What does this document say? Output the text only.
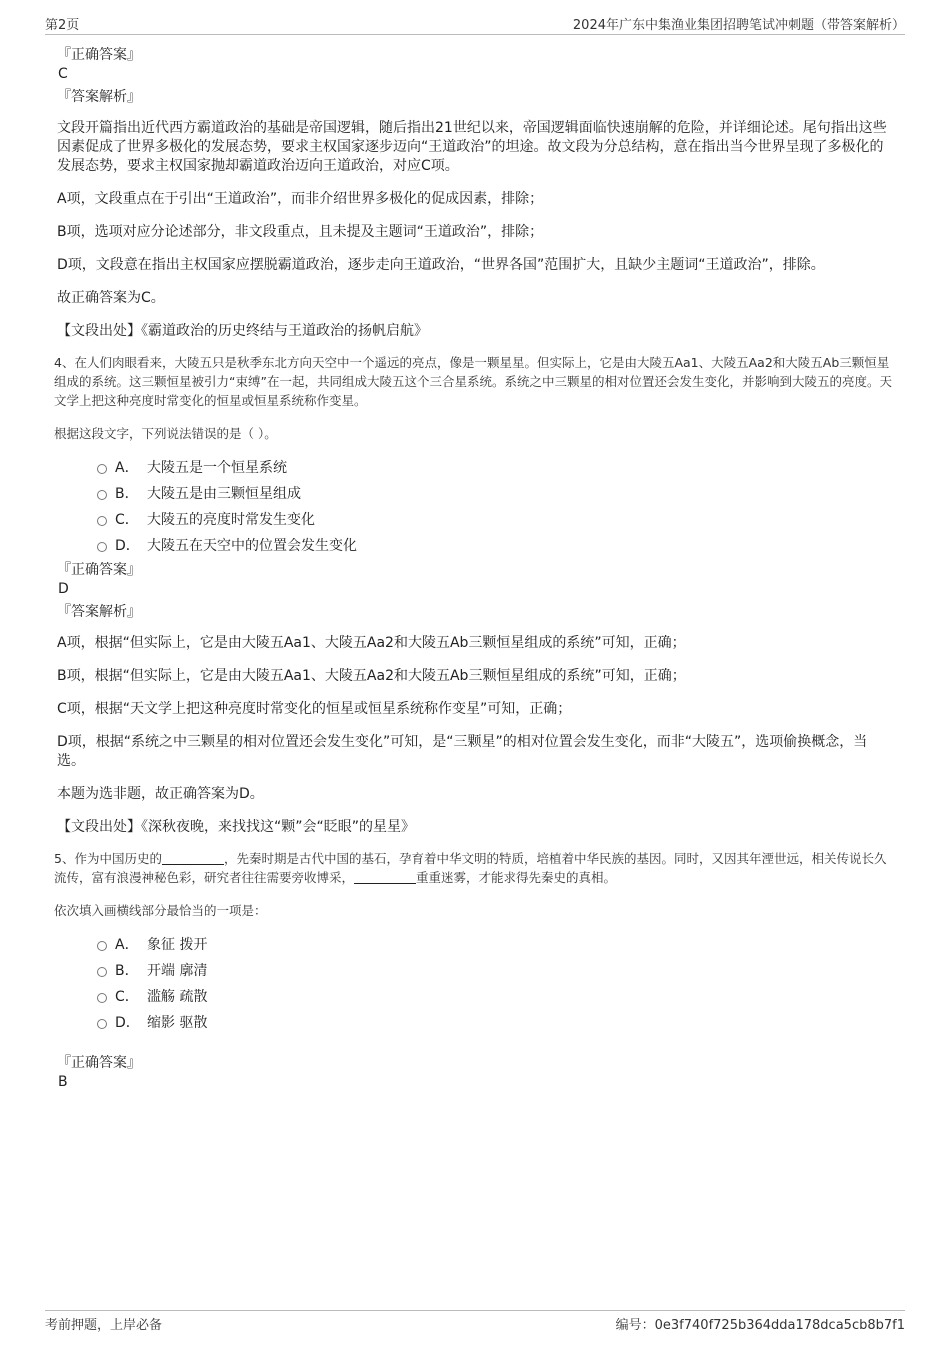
第2页	2024年广东中集渔业集团招聘笔试冲刺题（带答案解析）
『正确答案』
C
『答案解析』

文段开篇指出近代西方霸道政治的基础是帝国逻辑，随后指出21世纪以来，帝国逻辑面临快速崩解的危险，并详细论述。尾句指出这些因素促成了世界多极化的发展态势，要求主权国家逐步迈向“王道政治”的坦途。故文段为分总结构，意在指出当今世界呈现了多极化的发展态势，要求主权国家抛却霸道政治迈向王道政治，对应C项。

A项，文段重点在于引出“王道政治”，而非介绍世界多极化的促成因素，排除；

B项，选项对应分论述部分，非文段重点，且未提及主题词“王道政治”，排除；

D项，文段意在指出主权国家应摆脱霸道政治，逐步走向王道政治，“世界各国”范围扩大，且缺少主题词“王道政治”，排除。

故正确答案为C。

【文段出处】《霸道政治的历史终结与王道政治的扬帆启航》

4、在人们肉眼看来，大陵五只是秋季东北方向天空中一个遥远的亮点，像是一颗星星。但实际上，它是由大陵五Aa1、大陵五Aa2和大陵五Ab三颗恒星组成的系统。这三颗恒星被引力“束缚”在一起，共同组成大陵五这个三合星系统。系统之中三颗星的相对位置还会发生变化，并影响到大陵五的亮度。天文学上把这种亮度时常变化的恒星或恒星系统称作变星。

根据这段文字，下列说法错误的是（ ）。

A． 大陵五是一个恒星系统
B． 大陵五是由三颗恒星组成
C． 大陵五的亮度时常发生变化
D． 大陵五在天空中的位置会发生变化
『正确答案』
D
『答案解析』

A项，根据“但实际上，它是由大陵五Aa1、大陵五Aa2和大陵五Ab三颗恒星组成的系统”可知，正确；

B项，根据“但实际上，它是由大陵五Aa1、大陵五Aa2和大陵五Ab三颗恒星组成的系统”可知，正确；

C项，根据“天文学上把这种亮度时常变化的恒星或恒星系统称作变星”可知，正确；

D项，根据“系统之中三颗星的相对位置还会发生变化”可知，是“三颗星”的相对位置会发生变化，而非“大陵五”，选项偷换概念，当选。

本题为选非题，故正确答案为D。

【文段出处】《深秋夜晚，来找找这“颗”会“眨眼”的星星》

5、作为中国历史的	，先秦时期是古代中国的基石，孕育着中华文明的特质，培植着中华民族的基因。同时，又因其年湮世远，相关传说长久流传，富有浪漫神秘色彩，研究者往往需要旁收博采，	重重迷雾，才能求得先秦史的真相。

依次填入画横线部分最恰当的一项是：

A． 象征 拨开
B． 开端 廓清
C． 滥觞 疏散
D． 缩影 驱散
『正确答案』
B
考前押题，上岸必备	编号：0e3f740f725b364dda178dca5cb8b7f1
